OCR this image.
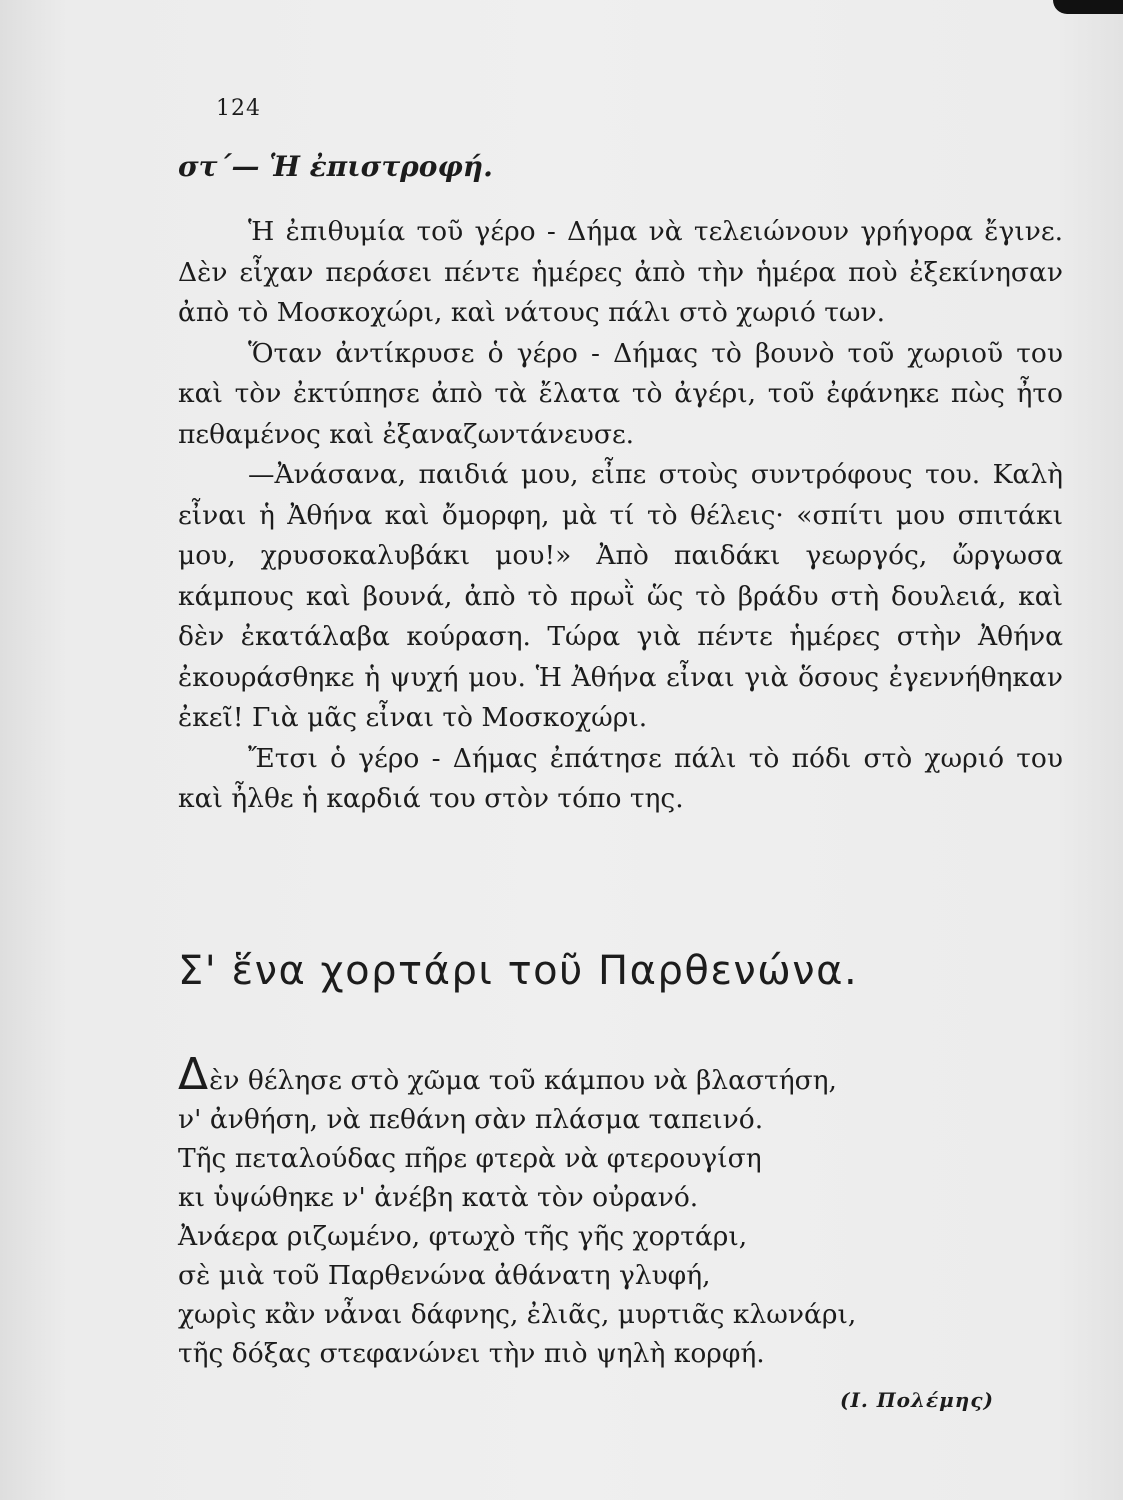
124
στ΄— Ἡ ἐπιστροφή.

Ἡ ἐπιθυμία τοῦ γέρο - Δήμα νὰ τελειώνουν γρήγορα ἔγινε. Δὲν εἶχαν περάσει πέντε ἡμέρες ἀπὸ τὴν ἡμέρα ποὺ ἐξεκίνησαν ἀπὸ τὸ Μοσκοχώρι, καὶ νάτους πάλι στὸ χωριό των.

Ὅταν ἀντίκρυσε ὁ γέρο - Δήμας τὸ βουνὸ τοῦ χωριοῦ του καὶ τὸν ἐκτύπησε ἀπὸ τὰ ἔλατα τὸ ἀγέρι, τοῦ ἐφάνηκε πὼς ἦτο πεθαμένος καὶ ἐξαναζωντάνευσε.

—Ἀνάσανα, παιδιά μου, εἶπε στοὺς συντρόφους του. Καλὴ εἶναι ἡ Ἀθήνα καὶ ὄμορφη, μὰ τί τὸ θέλεις· «σπίτι μου σπιτάκι μου, χρυσοκαλυβάκι μου!» Ἀπὸ παιδάκι γεωργός, ὤργωσα κάμπους καὶ βουνά, ἀπὸ τὸ πρωῒ ὥς τὸ βράδυ στὴ δουλειά, καὶ δὲν ἐκατάλαβα κούραση. Τώρα γιὰ πέντε ἡμέρες στὴν Ἀθήνα ἐκουράσθηκε ἡ ψυχή μου. Ἡ Ἀθήνα εἶναι γιὰ ὅσους ἐγεννήθηκαν ἐκεῖ! Γιὰ μᾶς εἶναι τὸ Μοσκοχώρι.

Ἔτσι ὁ γέρο - Δήμας ἐπάτησε πάλι τὸ πόδι στὸ χωριό του καὶ ἦλθε ἡ καρδιά του στὸν τόπο της.

Σ' ἕνα χορτάρι τοῦ Παρθενώνα.
Δὲν θέλησε στὸ χῶμα τοῦ κάμπου νὰ βλαστήση,
ν' ἀνθήση, νὰ πεθάνη σὰν πλάσμα ταπεινό.
Τῆς πεταλούδας πῆρε φτερὰ νὰ φτερουγίση
κι ὑψώθηκε ν' ἀνέβη κατὰ τὸν οὐρανό.
Ἀνάερα ριζωμένο, φτωχὸ τῆς γῆς χορτάρι,
σὲ μιὰ τοῦ Παρθενώνα ἀθάνατη γλυφή,
χωρὶς κἂν νἆναι δάφνης, ἐλιᾶς, μυρτιᾶς κλωνάρι,
τῆς δόξας στεφανώνει τὴν πιὸ ψηλὴ κορφή.
(Ι. Πολέμης)
